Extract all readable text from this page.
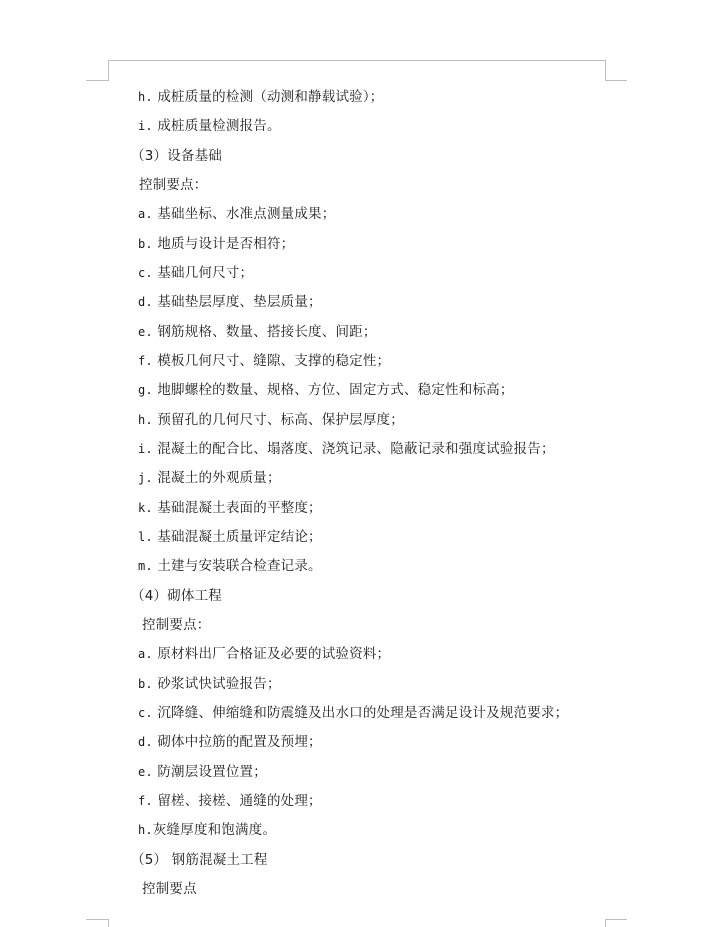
h. 成桩质量的检测（动测和静载试验）；
i. 成桩质量检测报告。
（3）设备基础
控制要点：
a. 基础坐标、水准点测量成果；
b. 地质与设计是否相符；
c. 基础几何尺寸；
d. 基础垫层厚度、垫层质量；
e. 钢筋规格、数量、搭接长度、间距；
f. 模板几何尺寸、缝隙、支撑的稳定性；
g. 地脚螺栓的数量、规格、方位、固定方式、稳定性和标高；
h. 预留孔的几何尺寸、标高、保护层厚度；
i. 混凝土的配合比、塌落度、浇筑记录、隐蔽记录和强度试验报告；
j. 混凝土的外观质量；
k. 基础混凝土表面的平整度；
l. 基础混凝土质量评定结论；
m. 土建与安装联合检查记录。
（4）砌体工程
控制要点：
a. 原材料出厂合格证及必要的试验资料；
b. 砂浆试快试验报告；
c. 沉降缝、伸缩缝和防震缝及出水口的处理是否满足设计及规范要求；
d. 砌体中拉筋的配置及预埋；
e. 防潮层设置位置；
f. 留槎、接槎、通缝的处理；
h.灰缝厚度和饱满度。
（5） 钢筋混凝土工程
控制要点
